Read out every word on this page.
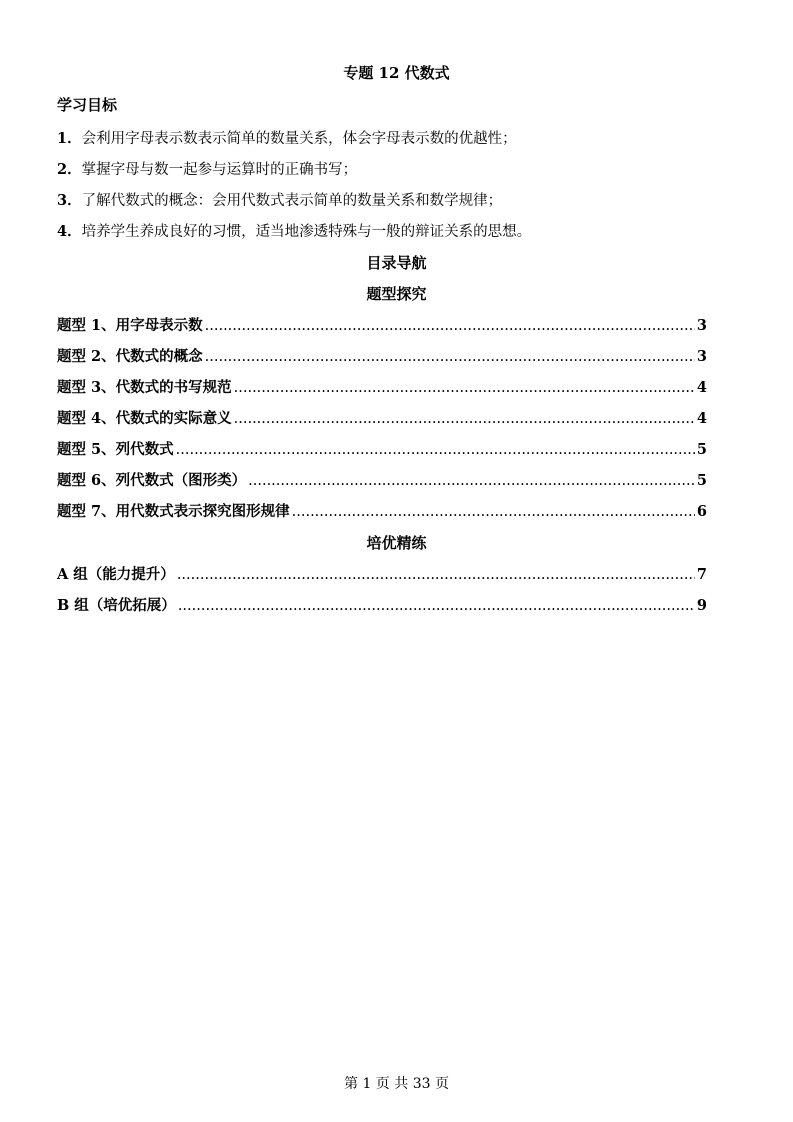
专题 12 代数式
学习目标
1．会利用字母表示数表示简单的数量关系，体会字母表示数的优越性；
2．掌握字母与数一起参与运算时的正确书写；
3．了解代数式的概念：会用代数式表示简单的数量关系和数学规律；
4．培养学生养成良好的习惯，适当地渗透特殊与一般的辩证关系的思想。
目录导航
题型探究
题型 1、用字母表示数 .....	3
题型 2、代数式的概念 .....	3
题型 3、代数式的书写规范 .....	4
题型 4、代数式的实际意义 .....	4
题型 5、列代数式 .....	5
题型 6、列代数式（图形类） .....	5
题型 7、用代数式表示探究图形规律 .....	6
培优精练
A 组（能力提升） .....	7
B 组（培优拓展） .....	9
第 1 页 共 33 页
